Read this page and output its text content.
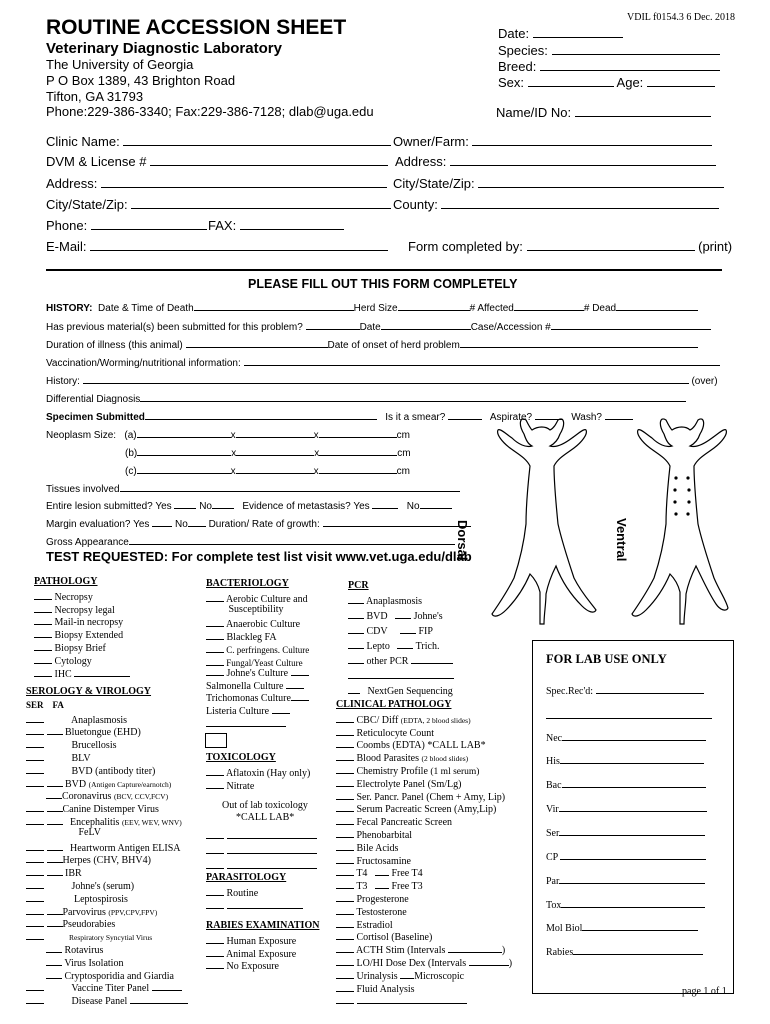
VDIL f0154.3 6 Dec. 2018
ROUTINE ACCESSION SHEET
Veterinary Diagnostic Laboratory
The University of Georgia
P O Box 1389, 43 Brighton Road
Tifton, GA 31793
Phone:229-386-3340; Fax:229-386-7128; dlab@uga.edu
Date:
Species:
Breed:
Sex:	Age:
Name/ID No:
Clinic Name:	Owner/Farm:
DVM & License #	Address:
Address:	City/State/Zip:
City/State/Zip:	County:
Phone:	FAX:
E-Mail:	Form completed by:	(print)
PLEASE FILL OUT THIS FORM COMPLETELY
HISTORY: Date & Time of Death	Herd Size	# Affected	# Dead
Has previous material(s) been submitted for this problem?	Date	Case/Accession #
Duration of illness (this animal)	Date of onset of herd problem
Vaccination/Worming/nutritional information:
History:	(over)
Differential Diagnosis
Specimen Submitted	Is it a smear?	Aspirate?	Wash?
Neoplasm Size: (a)	x	x	cm
(b)	x	x	cm
(c)	x	x	cm
Tissues involved
Entire lesion submitted? Yes	No	Evidence of metastasis? Yes	No
Margin evaluation? Yes	No Duration/ Rate of growth:
Gross Appearance	Dorsal	Ventral
TEST REQUESTED: For complete test list visit www.vet.uga.edu/dlab
PATHOLOGY
Necropsy
Necropsy legal
Mail-in necropsy
Biopsy Extended
Biopsy Brief
Cytology
IHC
SEROLOGY & VIROLOGY
SER FA
Anaplasmosis
Bluetongue (EHD)
Brucellosis
BLV
BVD (antibody titer)
BVD (Antigen Capture/earnotch)
Coronavirus (BCV, CCV,FCV)
Canine Distemper Virus
Encephalitis (EEV, WEV, WNV)
FeLV
Heartworm Antigen ELISA
Herpes (CHV, BHV4)
IBR
Johne's (serum)
Leptospirosis
Parvovirus (PPV,CPV,FPV)
Pseudorabies
Respiratory Syncytial Virus
Rotavirus
Virus Isolation
Cryptosporidia and Giardia
Vaccine Titer Panel
Disease Panel
BACTERIOLOGY
Aerobic Culture and
Susceptibility
Anaerobic Culture
Blackleg FA
C. perfringens. Culture
Fungal/Yeast Culture
Johne's Culture
Salmonella Culture
Trichomonas Culture
Listeria Culture
TOXICOLOGY
Aflatoxin (Hay only)
Nitrate
Out of lab toxicology
*CALL LAB*

PARASITOLOGY
Routine

RABIES EXAMINATION
Human Exposure
Animal Exposure
No Exposure
PCR
Anaplasmosis
BVD	Johne's
CDV	FIP
Lepto	Trich.
other PCR
NextGen Sequencing
CLINICAL PATHOLOGY
CBC/ Diff (EDTA, 2 blood slides)
Reticulocyte Count
Coombs (EDTA) *CALL LAB*
Blood Parasites (2 blood slides)
Chemistry Profile (1 ml serum)
Electrolyte Panel (Sm/Lg)
Ser. Pancr. Panel (Chem + Amy, Lip)
Serum Pacreatic Screen (Amy,Lip)
Fecal Pancreatic Screen
Phenobarbital
Bile Acids
Fructosamine
T4 Free T4
T3 Free T3
Progesterone
Testosterone
Estradiol
Cortisol (Baseline)
ACTH Stim (Intervals	)
LO/HI Dose Dex (Intervals	)
Urinalysis Microscopic
Fluid Analysis

FOR LAB USE ONLY
Spec.Rec'd:
Nec
His
Bac
Vir
Ser
CP
Par
Tox
Mol Biol
Rabies
page 1 of 1
